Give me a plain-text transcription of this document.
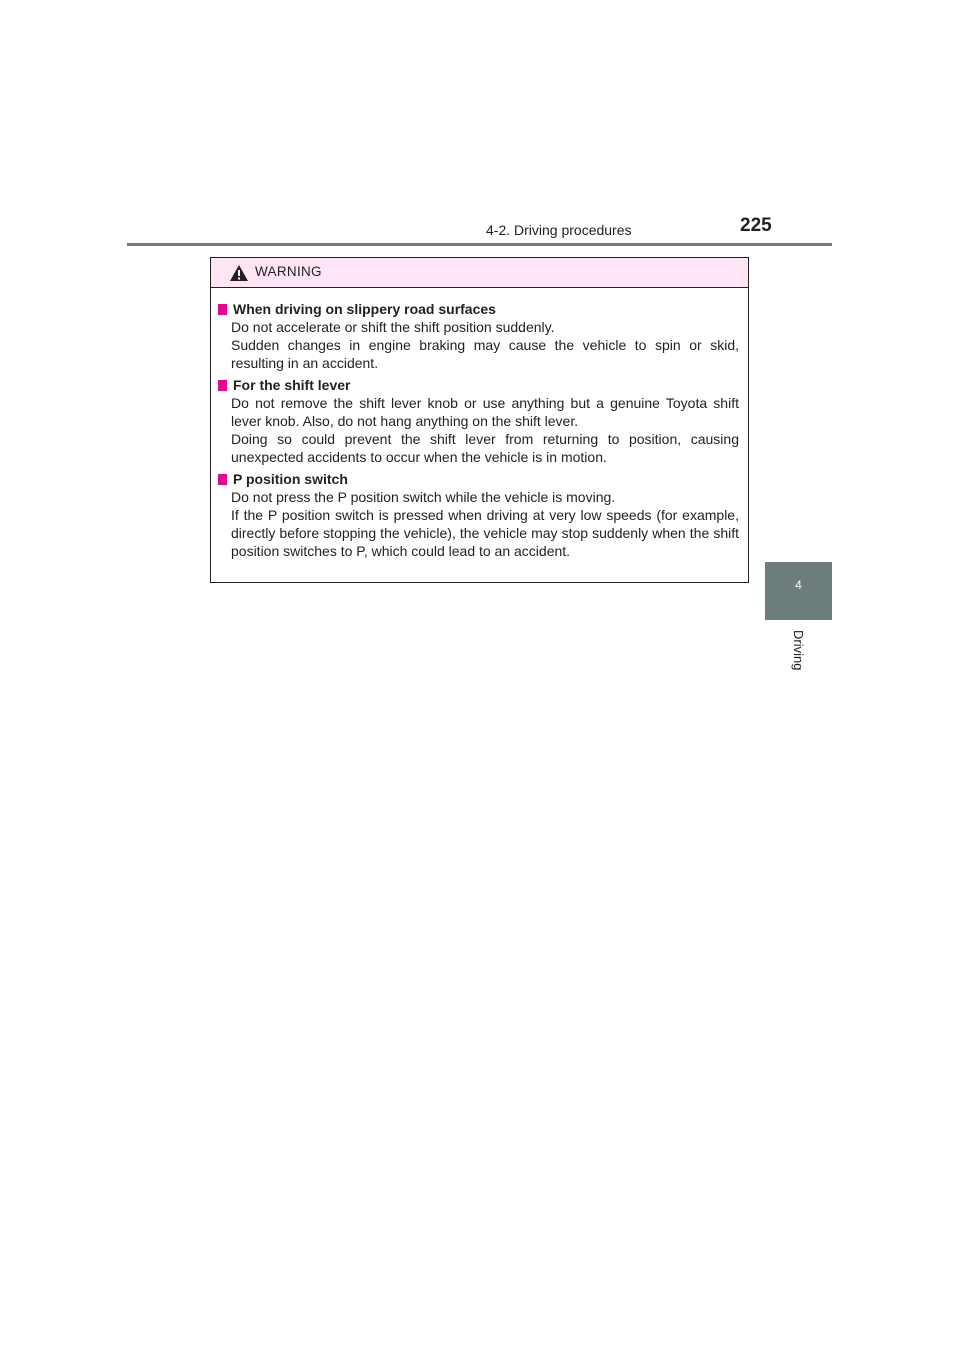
4-2. Driving procedures	225
4
Driving
WARNING
When driving on slippery road surfaces
Do not accelerate or shift the shift position suddenly.
Sudden changes in engine braking may cause the vehicle to spin or skid, resulting in an accident.
For the shift lever
Do not remove the shift lever knob or use anything but a genuine Toyota shift lever knob. Also, do not hang anything on the shift lever.
Doing so could prevent the shift lever from returning to position, causing unexpected accidents to occur when the vehicle is in motion.
P position switch
Do not press the P position switch while the vehicle is moving.
If the P position switch is pressed when driving at very low speeds (for example, directly before stopping the vehicle), the vehicle may stop suddenly when the shift position switches to P, which could lead to an accident.
